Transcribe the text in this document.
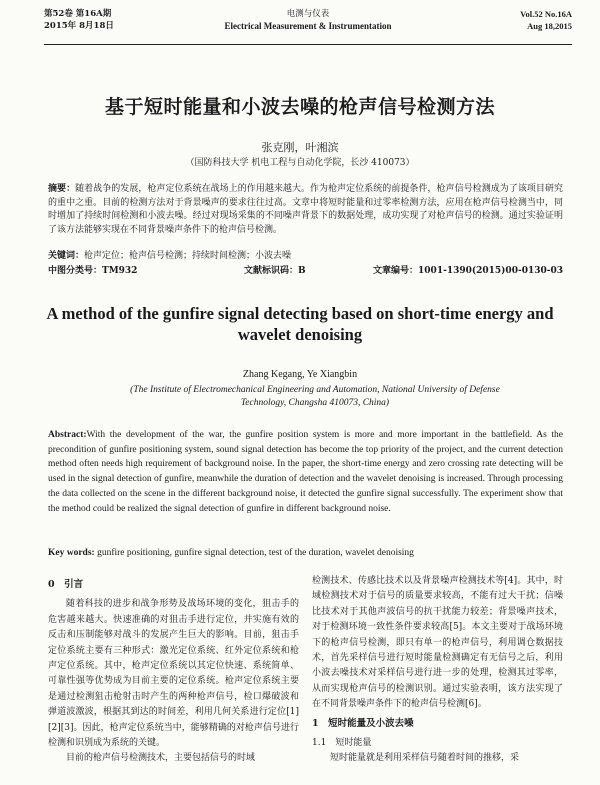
第52卷 第16A期
2015年 8月18日
电测与仪表
Electrical Measurement & Instrumentation
Vol.52 No.16A
Aug 18,2015
基于短时能量和小波去噪的枪声信号检测方法
张克刚，叶湘滨
（国防科技大学 机电工程与自动化学院，长沙 410073）
摘要：随着战争的发展，枪声定位系统在战场上的作用越来越大。作为枪声定位系统的前提条件，枪声信号检测成为了该项目研究的重中之重。目前的检测方法对于背景噪声的要求往往过高。文章中将短时能量和过零率检测方法，应用在枪声信号检测当中，同时增加了持续时间检测和小波去噪。经过对现场采集的不同噪声背景下的数据处理，成功实现了对枪声信号的检测。通过实验证明了该方法能够实现在不同背景噪声条件下的枪声信号检测。
关键词：枪声定位；枪声信号检测；持续时间检测；小波去噪
中图分类号：TM932	文献标识码：B	文章编号：1001-1390(2015)00-0130-03
A method of the gunfire signal detecting based on short-time energy and wavelet denoising
Zhang Kegang, Ye Xiangbin
(The Institute of Electromechanical Engineering and Automation, National University of Defense Technology, Changsha 410073, China)
Abstract:With the development of the war, the gunfire position system is more and more important in the battlefield. As the precondition of gunfire positioning system, sound signal detection has become the top priority of the project, and the current detection method often needs high requirement of background noise. In the paper, the short-time energy and zero crossing rate detecting will be used in the signal detection of gunfire, meanwhile the duration of detection and the wavelet denoising is increased. Through processing the data collected on the scene in the different background noise, it detected the gunfire signal successfully. The experiment show that the method could be realized the signal detection of gunfire in different background noise.
Key words: gunfire positioning, gunfire signal detection, test of the duration, wavelet denoising
0　引言

随着科技的进步和战争形势及战场环境的变化，狙击手的危害越来越大。快速准确的对狙击手进行定位，并实施有效的反击和压制能够对战斗的发展产生巨大的影响。目前，狙击手定位系统主要有三种形式：激光定位系统、红外定位系统和枪声定位系统。其中，枪声定位系统以其定位快速、系统简单、可靠性强等优势成为目前主要的定位系统。枪声定位系统主要是通过检测狙击枪射击时产生的两种枪声信号，检口爆破波和弹道波激波，根据其到达的时间差，利用几何关系进行定位[1][2][3]。因此，枪声定位系统当中，能够精确的对枪声信号进行检测和识别成为系统的关键。

目前的枪声信号检测技术，主要包括信号的时域

检测技术、传感比技术以及背景噪声检测技术等[4]。其中，时域检测技术对于信号的质量要求较高，不能有过大干扰；信噪比技术对于其他声波信号的抗干扰能力较差；背景噪声技术，对于检测环境一致性条件要求较高[5]。本文主要对于战场环境下的枪声信号检测，即只有单一的枪声信号，利用调仓数据技术，首先采样信号进行短时能量检测确定有无信号之后，利用小波去噪技术对采样信号进行进一步的处理，检测其过零率，从而实现枪声信号的检测识别。通过实验表明，该方法实现了在不同背景噪声条件下的枪声信号检测[6]。

1　短时能量及小波去噪
1.1　短时能量

短时能量就是利用采样信号随着时间的推移，采
